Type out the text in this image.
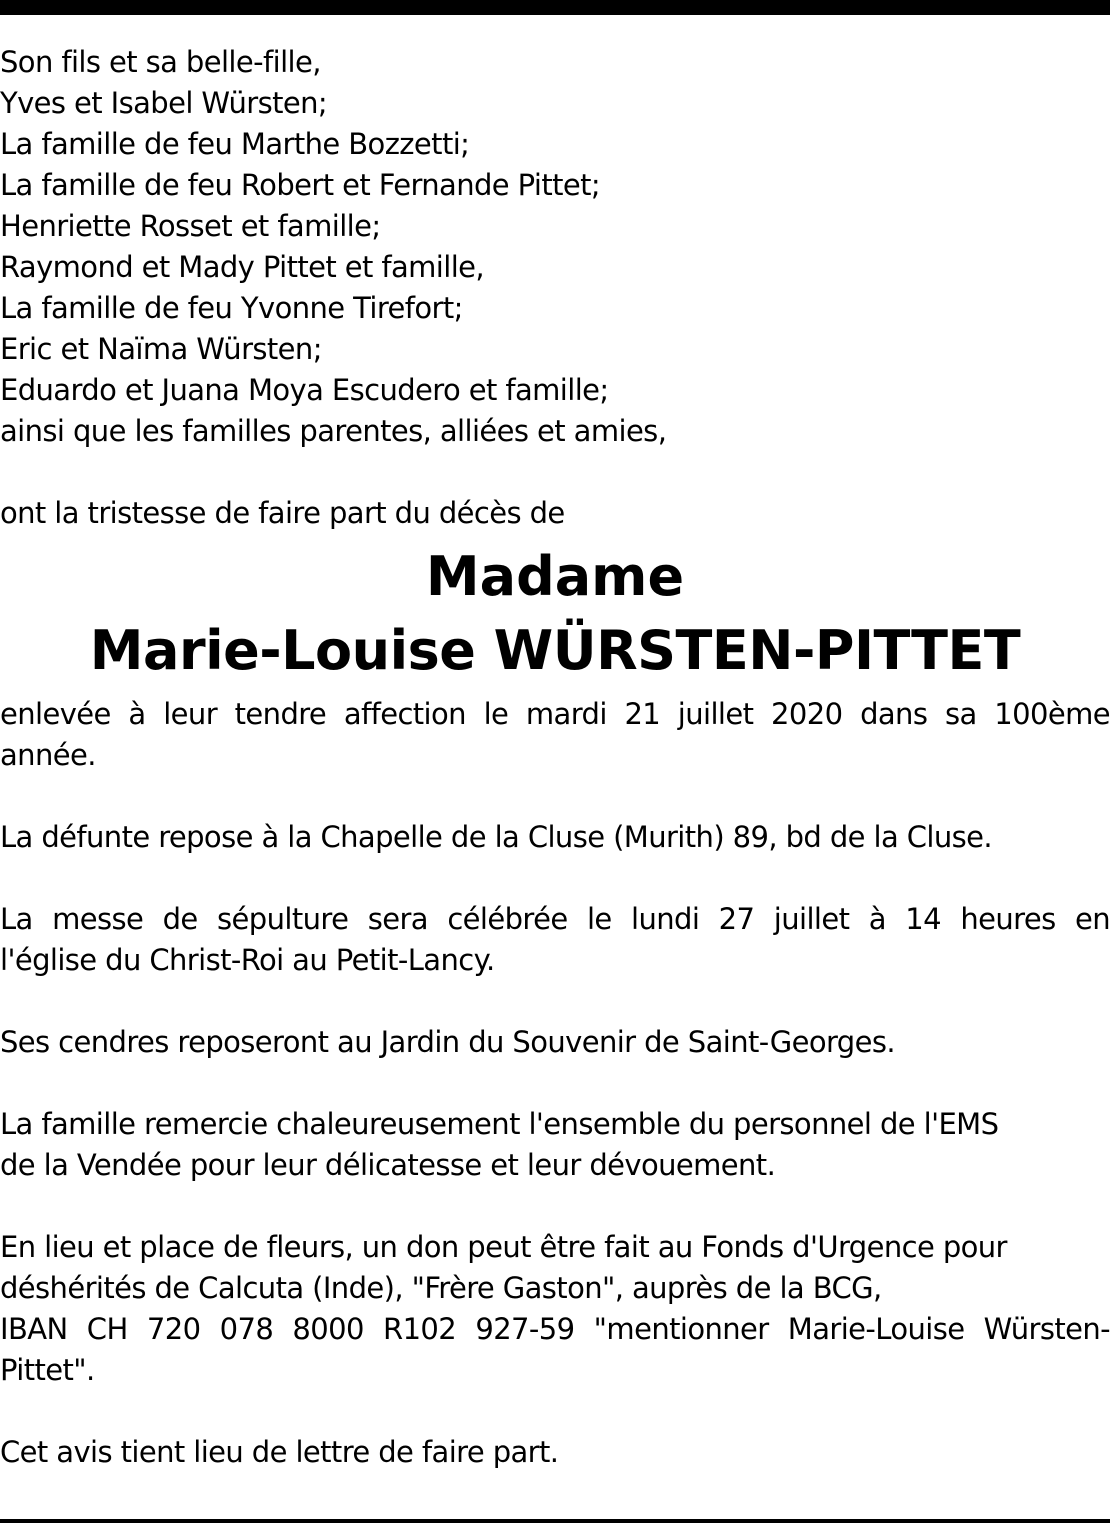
Son fils et sa belle-fille,
Yves et Isabel Würsten;
La famille de feu Marthe Bozzetti;
La famille de feu Robert et Fernande Pittet;
Henriette Rosset et famille;
Raymond et Mady Pittet et famille,
La famille de feu Yvonne Tirefort;
Eric et Naïma Würsten;
Eduardo et Juana Moya Escudero et famille;
ainsi que les familles parentes, alliées et amies,
ont la tristesse de faire part du décès de
Madame
Marie-Louise WÜRSTEN-PITTET
enlevée à leur tendre affection le mardi 21 juillet 2020 dans sa 100ème
année.
La défunte repose à la Chapelle de la Cluse (Murith) 89, bd de la Cluse.
La messe de sépulture sera célébrée le lundi 27 juillet à 14 heures en
l'église du Christ-Roi au Petit-Lancy.
Ses cendres reposeront au Jardin du Souvenir de Saint-Georges.
La famille remercie chaleureusement l'ensemble du personnel de l'EMS
de la Vendée pour leur délicatesse et leur dévouement.
En lieu et place de fleurs, un don peut être fait au Fonds d'Urgence pour
déshérités de Calcuta (Inde), "Frère Gaston", auprès de la BCG,
IBAN CH 720 078 8000 R102 927-59 "mentionner Marie-Louise Würsten-
Pittet".
Cet avis tient lieu de lettre de faire part.
